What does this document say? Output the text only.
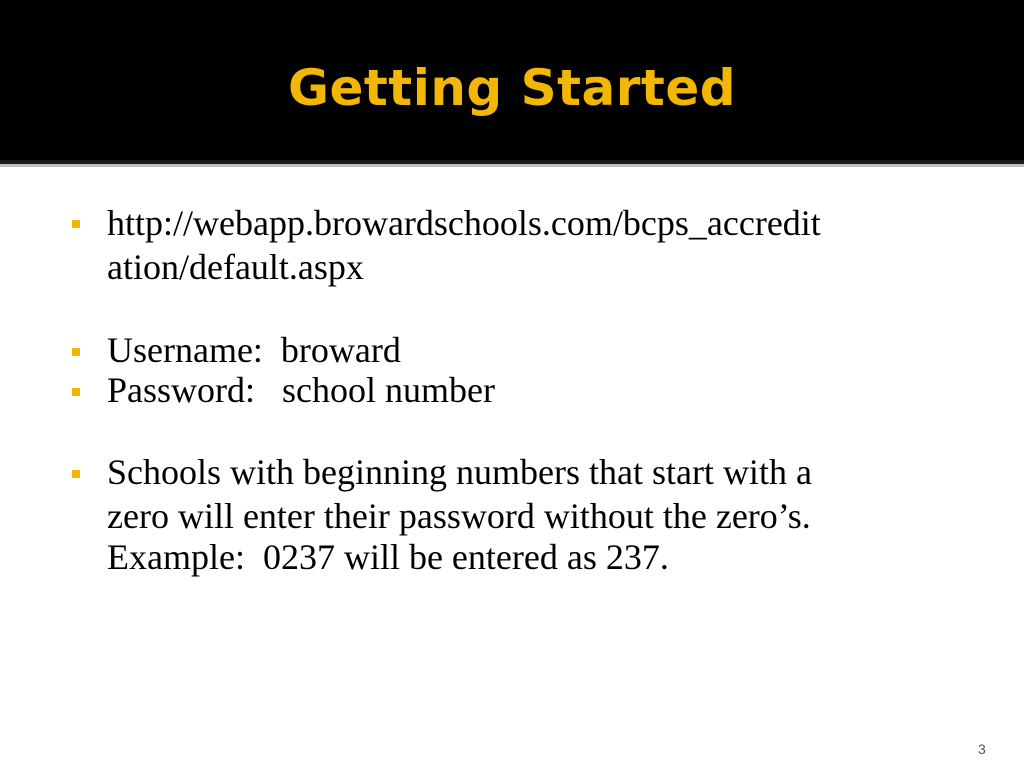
Getting Started

http://webapp.browardschools.com/bcps_accredit

ation/default.aspx

Username:  broward

Password:   school number

Schools with beginning numbers that start with a

zero will enter their password without the zero’s.

Example:  0237 will be entered as 237.

3
